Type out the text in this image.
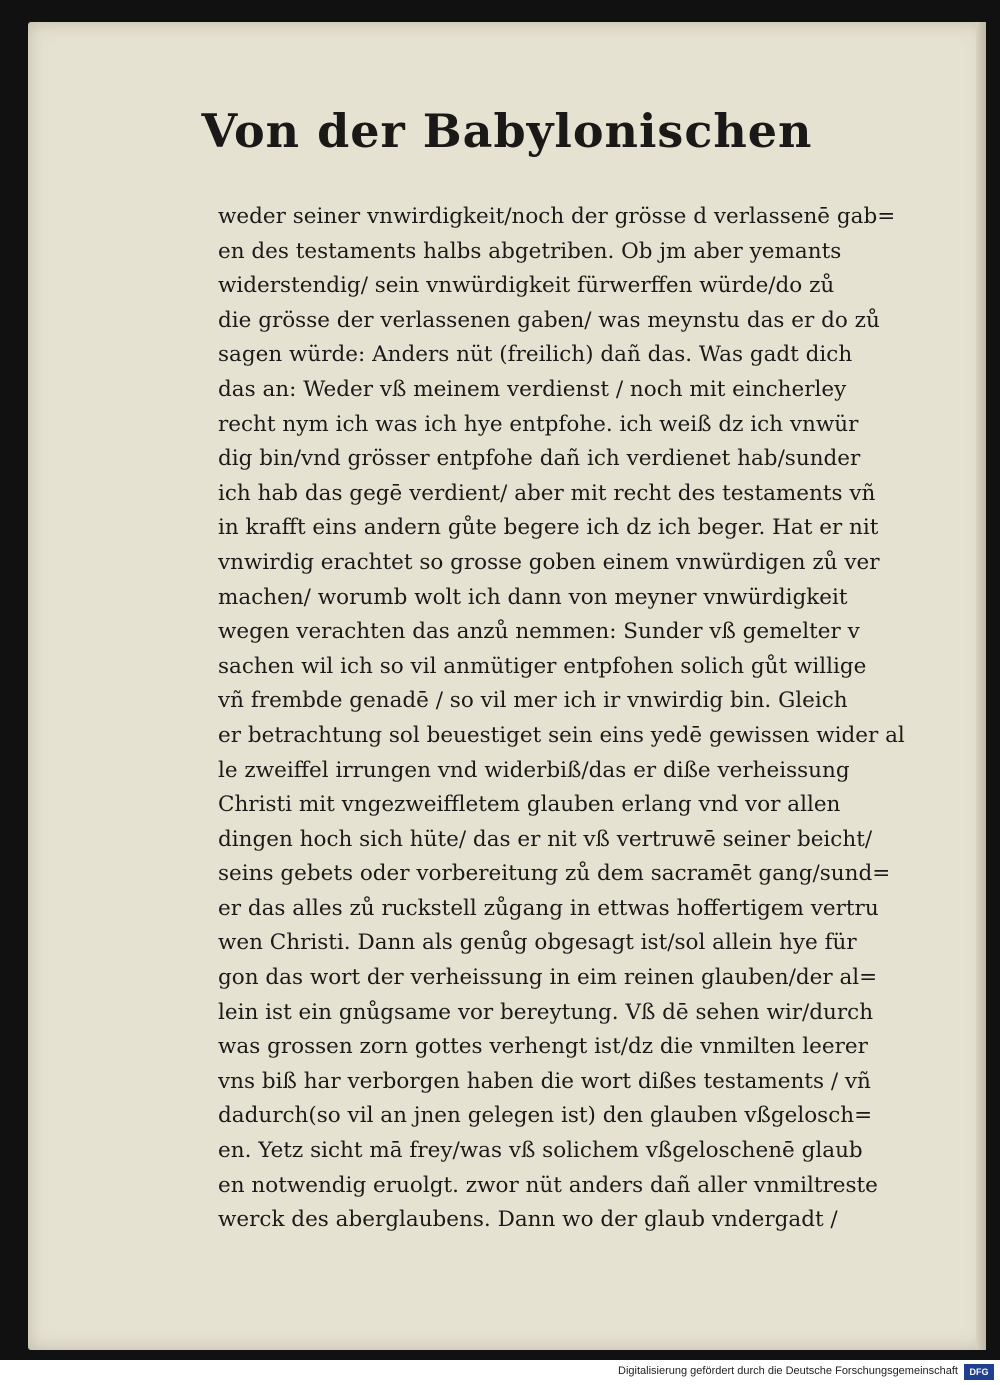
Von der Babylonischen
weder seiner vnwirdigkeit/noch der grösse d verlassenē gab=
en des testaments halbs abgetriben. Ob jm aber yemants
widerstendig/ sein vnwürdigkeit fürwerffen würde/do zů
die grösse der verlassenen gaben/ was meynstu das er do zů
sagen würde: Anders nüt (freilich) dañ das. Was gadt dich
das an: Weder vß meinem verdienst / noch mit eincherley
recht nym ich was ich hye entpfohe. ich weiß dz ich vnwür
dig bin/vnd grösser entpfohe dañ ich verdienet hab/sunder
ich hab das gegē verdient/ aber mit recht des testaments vñ
in krafft eins andern gůte begere ich dz ich beger. Hat er nit
vnwirdig erachtet so grosse goben einem vnwürdigen zů ver
machen/ worumb wolt ich dann von meyner vnwürdigkeit
wegen verachten das anzů nemmen: Sunder vß gemelter v
sachen wil ich so vil anmütiger entpfohen solich gůt willige
vñ frembde genadē / so vil mer ich ir vnwirdig bin. Gleich
er betrachtung sol beuestiget sein eins yedē gewissen wider al
le zweiffel irrungen vnd widerbiß/das er diße verheissung
Christi mit vngezweiffletem glauben erlang vnd vor allen
dingen hoch sich hüte/ das er nit vß vertruwē seiner beicht/
seins gebets oder vorbereitung zů dem sacramēt gang/sund=
er das alles zů ruckstell zůgang in ettwas hoffertigem vertru
wen Christi. Dann als genůg obgesagt ist/sol allein hye für
gon das wort der verheissung in eim reinen glauben/der al=
lein ist ein gnůgsame vor bereytung. Vß dē sehen wir/durch
was grossen zorn gottes verhengt ist/dz die vnmilten leerer
vns biß har verborgen haben die wort dißes testaments / vñ
dadurch(so vil an jnen gelegen ist) den glauben vßgelosch=
en. Yetz sicht mā frey/was vß solichem vßgeloschenē glaub
en notwendig eruolgt. zwor nüt anders dañ aller vnmiltreste
werck des aberglaubens. Dann wo der glaub vndergadt /
Digitalisierung gefördert durch die Deutsche Forschungsgemeinschaft	DFG
